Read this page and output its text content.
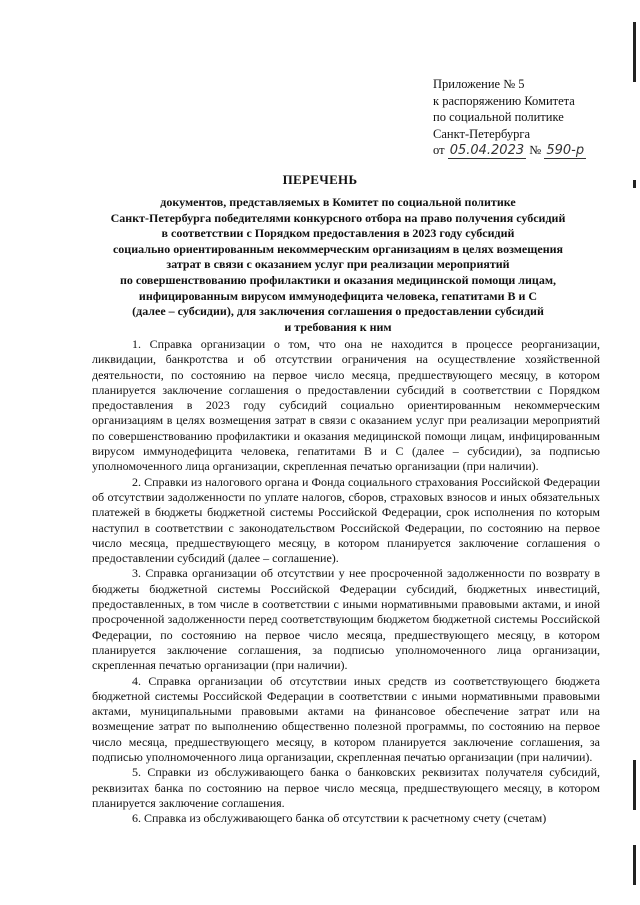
Приложение № 5
к распоряжению Комитета
по социальной политике
Санкт-Петербурга
от 05.04.2023 № 590-р
ПЕРЕЧЕНЬ
документов, представляемых в Комитет по социальной политике
Санкт-Петербурга победителями конкурсного отбора на право получения субсидий
в соответствии с Порядком предоставления в 2023 году субсидий
социально ориентированным некоммерческим организациям в целях возмещения
затрат в связи с оказанием услуг при реализации мероприятий
по совершенствованию профилактики и оказания медицинской помощи лицам,
инфицированным вирусом иммунодефицита человека, гепатитами В и С
(далее – субсидии), для заключения соглашения о предоставлении субсидий
и требования к ним

1. Справка организации о том, что она не находится в процессе реорганизации, ликвидации, банкротства и об отсутствии ограничения на осуществление хозяйственной деятельности, по состоянию на первое число месяца, предшествующего месяцу, в котором планируется заключение соглашения о предоставлении субсидий в соответствии с Порядком предоставления в 2023 году субсидий социально ориентированным некоммерческим организациям в целях возмещения затрат в связи с оказанием услуг при реализации мероприятий по совершенствованию профилактики и оказания медицинской помощи лицам, инфицированным вирусом иммунодефицита человека, гепатитами В и С (далее – субсидии), за подписью уполномоченного лица организации, скрепленная печатью организации (при наличии).

2. Справки из налогового органа и Фонда социального страхования Российской Федерации об отсутствии задолженности по уплате налогов, сборов, страховых взносов и иных обязательных платежей в бюджеты бюджетной системы Российской Федерации, срок исполнения по которым наступил в соответствии с законодательством Российской Федерации, по состоянию на первое число месяца, предшествующего месяцу, в котором планируется заключение соглашения о предоставлении субсидий (далее – соглашение).

3. Справка организации об отсутствии у нее просроченной задолженности по возврату в бюджеты бюджетной системы Российской Федерации субсидий, бюджетных инвестиций, предоставленных, в том числе в соответствии с иными нормативными правовыми актами, и иной просроченной задолженности перед соответствующим бюджетом бюджетной системы Российской Федерации, по состоянию на первое число месяца, предшествующего месяцу, в котором планируется заключение соглашения, за подписью уполномоченного лица организации, скрепленная печатью организации (при наличии).

4. Справка организации об отсутствии иных средств из соответствующего бюджета бюджетной системы Российской Федерации в соответствии с иными нормативными правовыми актами, муниципальными правовыми актами на финансовое обеспечение затрат или на возмещение затрат по выполнению общественно полезной программы, по состоянию на первое число месяца, предшествующего месяцу, в котором планируется заключение соглашения, за подписью уполномоченного лица организации, скрепленная печатью организации (при наличии).

5. Справки из обслуживающего банка о банковских реквизитах получателя субсидий, реквизитах банка по состоянию на первое число месяца, предшествующего месяцу, в котором планируется заключение соглашения.

6. Справка из обслуживающего банка об отсутствии к расчетному счету (счетам)
